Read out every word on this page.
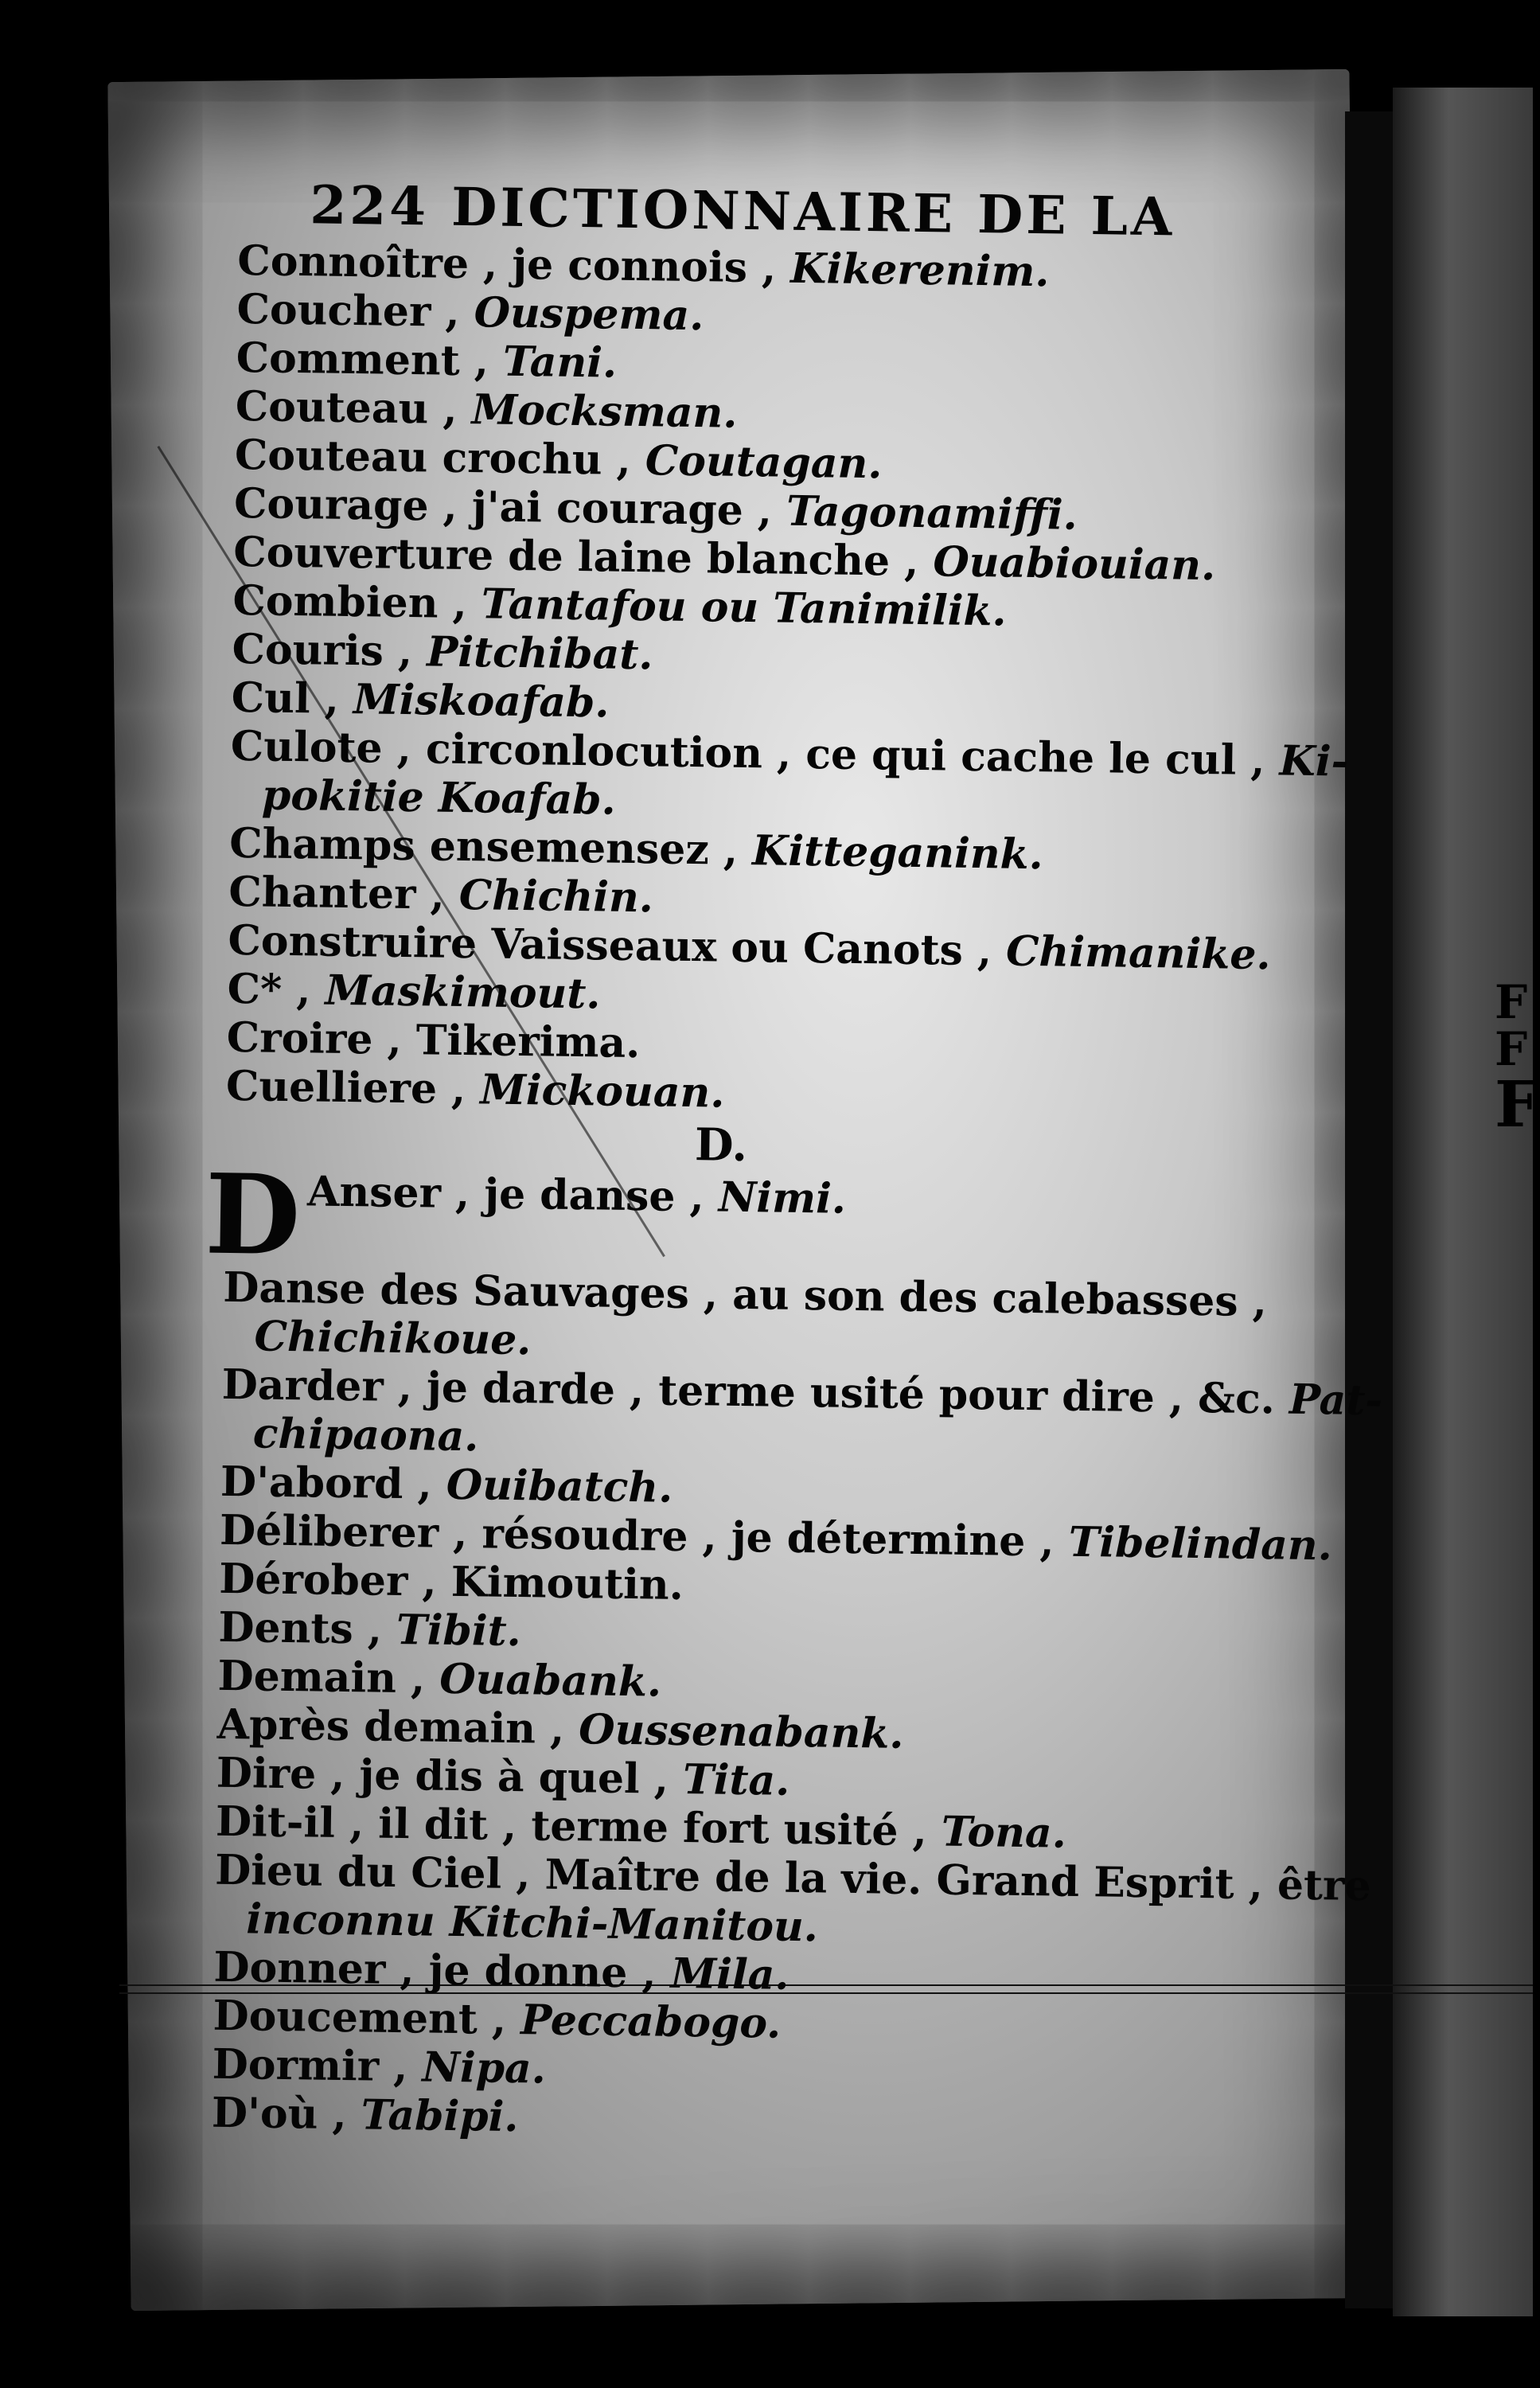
F
F
F
224 DICTIONNAIRE DE LA

Connoître , je connois , Kikerenim.

Coucher , Ouspema.

Comment , Tani.

Couteau , Mocksman.

Couteau crochu , Coutagan.

Courage , j'ai courage , Tagonamiffi.

Couverture de laine blanche , Ouabiouian.

Combien , Tantafou ou Tanimilik.

Couris , Pitchibat.

Cul , Miskoafab.

Culote , circonlocution , ce qui cache le cul , Ki-

pokitie Koafab.

Champs ensemensez , Kitteganink.

Chanter , Chichin.

Construire Vaisseaux ou Canots , Chimanike.

C* , Maskimout.

Croire , Tikerima.

Cuelliere , Mickouan.

D.
D Anser , je danse , Nimi.

Danse des Sauvages , au son des calebasses ,

Chichikoue.

Darder , je darde , terme usité pour dire , &c. Pat-

chipaona.

D'abord , Ouibatch.

Déliberer , résoudre , je détermine , Tibelindan.

Dérober , Kimoutin.

Dents , Tibit.

Demain , Ouabank.

Après demain , Oussenabank.

Dire , je dis à quel , Tita.

Dit-il , il dit , terme fort usité , Tona.

Dieu du Ciel , Maître de la vie. Grand Esprit , être

inconnu Kitchi-Manitou.

Donner , je donne , Mila.

Doucement , Peccabogo.

Dormir , Nipa.

D'où , Tabipi.
